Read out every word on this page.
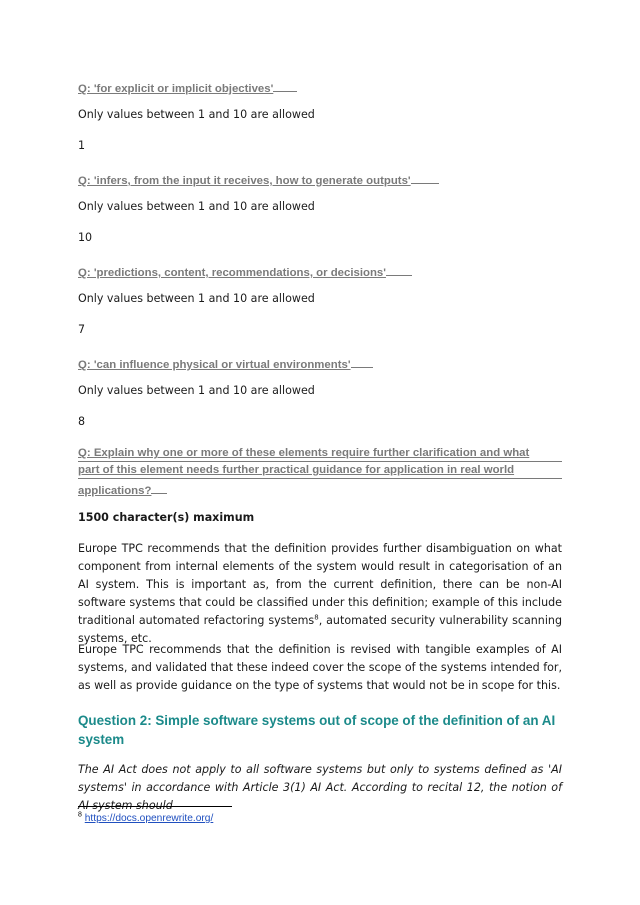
Q: 'for explicit or implicit objectives'
Only values between 1 and 10 are allowed
1
Q: 'infers, from the input it receives, how to generate outputs'
Only values between 1 and 10 are allowed
10
Q: 'predictions, content, recommendations, or decisions'
Only values between 1 and 10 are allowed
7
Q: 'can influence physical or virtual environments'
Only values between 1 and 10 are allowed
8
Q: Explain why one or more of these elements require further clarification and what
part of this element needs further practical guidance for application in real world
applications?
1500 character(s) maximum
Europe TPC recommends that the definition provides further disambiguation on what component from internal elements of the system would result in categorisation of an AI system. This is important as, from the current definition, there can be non-AI software systems that could be classified under this definition; example of this include traditional automated refactoring systems$^8$, automated security vulnerability scanning systems, etc.
Europe TPC recommends that the definition is revised with tangible examples of AI systems, and validated that these indeed cover the scope of the systems intended for, as well as provide guidance on the type of systems that would not be in scope for this.
Question 2: Simple software systems out of scope of the definition of an AI system
The AI Act does not apply to all software systems but only to systems defined as 'AI systems' in accordance with Article 3(1) AI Act. According to recital 12, the notion of AI system should
$^8$ https://docs.openrewrite.org/
